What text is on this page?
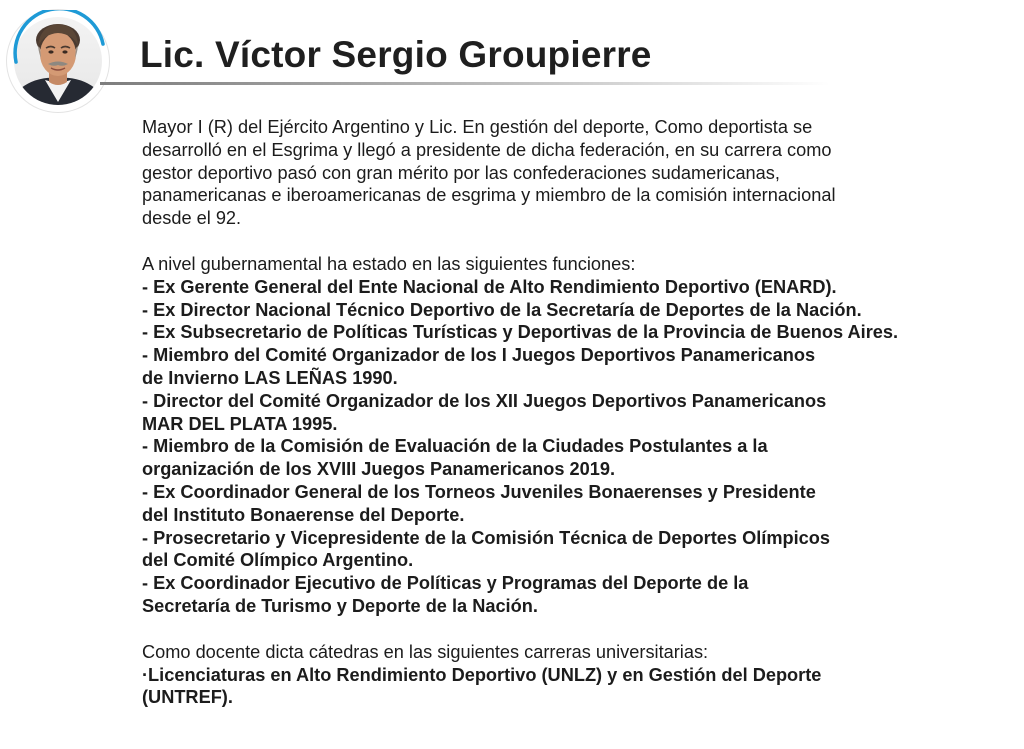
Lic. Víctor Sergio Groupierre

Mayor I (R) del Ejército Argentino y Lic. En gestión del deporte, Como deportista se

desarrolló en el Esgrima y llegó a presidente de dicha federación, en su carrera como

gestor deportivo pasó con gran mérito por las confederaciones sudamericanas,

panamericanas e iberoamericanas de esgrima y miembro de la comisión internacional

desde el 92.

A nivel gubernamental ha estado en las siguientes funciones:

- Ex Gerente General del Ente Nacional de Alto Rendimiento Deportivo (ENARD).

- Ex Director Nacional Técnico Deportivo de la Secretaría de Deportes de la Nación.

- Ex Subsecretario de Políticas Turísticas y Deportivas de la Provincia de Buenos Aires.

- Miembro del Comité Organizador de los I Juegos Deportivos Panamericanos

de Invierno LAS LEÑAS 1990.

- Director del Comité Organizador de los XII Juegos Deportivos Panamericanos

MAR DEL PLATA 1995.

- Miembro de la Comisión de Evaluación de la Ciudades Postulantes a la

organización de los XVIII Juegos Panamericanos 2019.

- Ex Coordinador General de los Torneos Juveniles Bonaerenses y Presidente

del Instituto Bonaerense del Deporte.

- Prosecretario y Vicepresidente de la Comisión Técnica de Deportes Olímpicos

del Comité Olímpico Argentino.

- Ex Coordinador Ejecutivo de Políticas y Programas del Deporte de la

Secretaría de Turismo y Deporte de la Nación.

Como docente dicta cátedras en las siguientes carreras universitarias:

·Licenciaturas en Alto Rendimiento Deportivo (UNLZ) y en Gestión del Deporte

(UNTREF).
